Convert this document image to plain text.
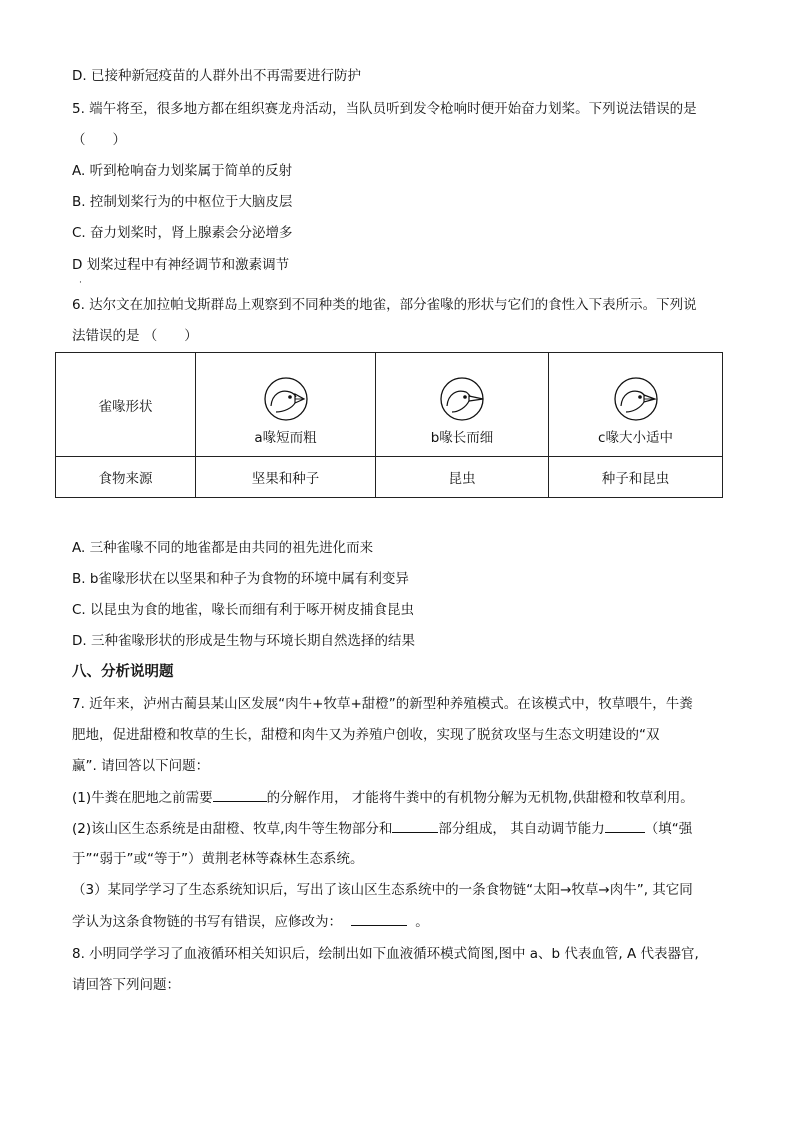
D. 已接种新冠疫苗的人群外出不再需要进行防护
5. 端午将至，很多地方都在组织赛龙舟活动，当队员听到发令枪响时便开始奋力划桨。下列说法错误的是
（　　）
A. 听到枪响奋力划桨属于简单的反射
B. 控制划桨行为的中枢位于大脑皮层
C. 奋力划桨时，肾上腺素会分泌增多
D 划桨过程中有神经调节和激素调节
·
6. 达尔文在加拉帕戈斯群岛上观察到不同种类的地雀，部分雀喙的形状与它们的食性入下表所示。下列说
法错误的是 （　　）
雀喙形状	a喙短而粗	b喙长而细	c喙大小适中

食物来源	坚果和种子	昆虫	种子和昆虫
A. 三种雀喙不同的地雀都是由共同的祖先进化而来
B. b雀喙形状在以坚果和种子为食物的环境中属有利变异
C. 以昆虫为食的地雀，喙长而细有利于啄开树皮捕食昆虫
D. 三种雀喙形状的形成是生物与环境长期自然选择的结果
八、分析说明题
7. 近年来，泸州古蔺县某山区发展“肉牛+牧草+甜橙”的新型种养殖模式。在该模式中，牧草喂牛，牛粪
肥地，促进甜橙和牧草的生长，甜橙和肉牛又为养殖户创收，实现了脱贫攻坚与生态文明建设的“双
赢”. 请回答以下问题：
(1)牛粪在肥地之前需要	的分解作用， 才能将牛粪中的有机物分解为无机物,供甜橙和牧草利用。
(2)该山区生态系统是由甜橙、牧草,肉牛等生物部分和	部分组成， 其自动调节能力	（填“强
于”“弱于”或“等于”）黄荆老林等森林生态系统。
（3）某同学学习了生态系统知识后，写出了该山区生态系统中的一条食物链“太阳→牧草→肉牛”, 其它同
学认为这条食物链的书写有错误，应修改为：	。
8. 小明同学学习了血液循环相关知识后，绘制出如下血液循环模式简图,图中 a、b 代表血管, A 代表器官,
请回答下列问题：
